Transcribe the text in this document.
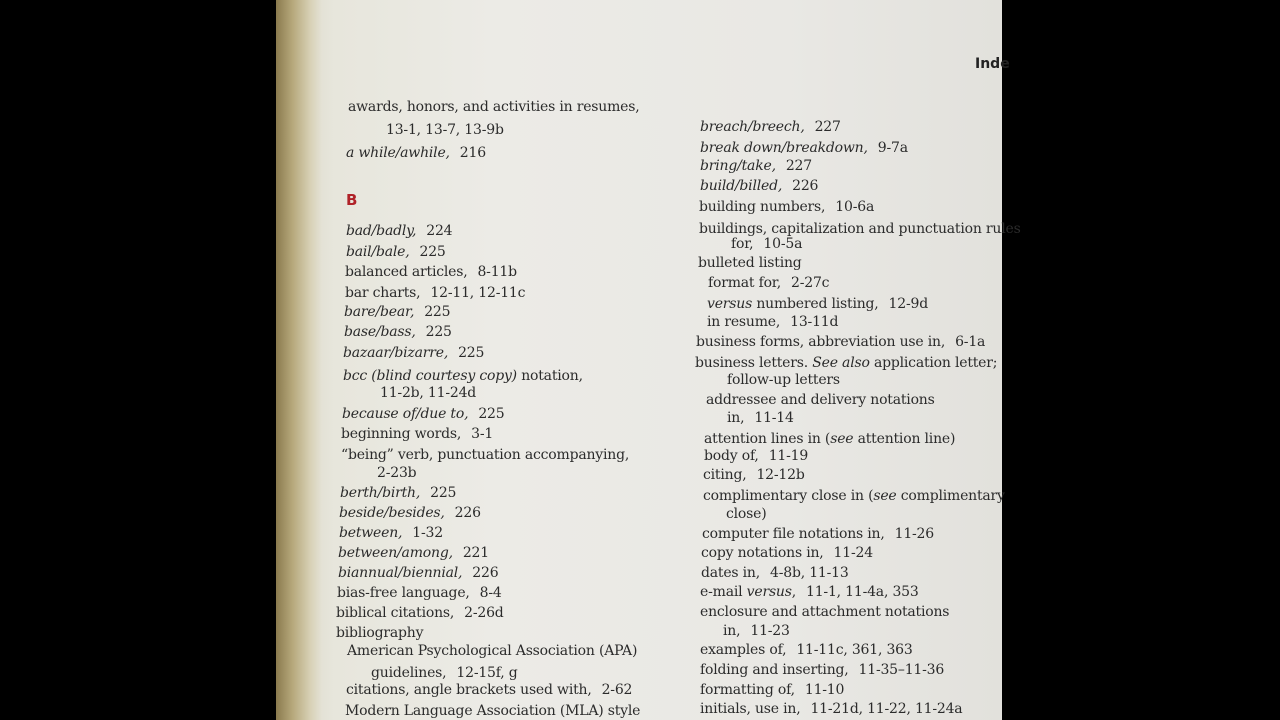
Inde
awards, honors, and activities in resumes,
13-1, 13-7, 13-9b
a while/awhile, 216
B
bad/badly, 224
bail/bale, 225
balanced articles, 8-11b
bar charts, 12-11, 12-11c
bare/bear, 225
base/bass, 225
bazaar/bizarre, 225
bcc (blind courtesy copy) notation,
11-2b, 11-24d
because of/due to, 225
beginning words, 3-1
“being” verb, punctuation accompanying,
2-23b
berth/birth, 225
beside/besides, 226
between, 1-32
between/among, 221
biannual/biennial, 226
bias-free language, 8-4
biblical citations, 2-26d
bibliography
American Psychological Association (APA)
guidelines, 12-15f, g
citations, angle brackets used with, 2-62
Modern Language Association (MLA) style
breach/breech, 227
break down/breakdown, 9-7a
bring/take, 227
build/billed, 226
building numbers, 10-6a
buildings, capitalization and punctuation rules
for, 10-5a
bulleted listing
format for, 2-27c
versus numbered listing, 12-9d
in resume, 13-11d
business forms, abbreviation use in, 6-1a
business letters. See also application letter;
follow-up letters
addressee and delivery notations
in, 11-14
attention lines in (see attention line)
body of, 11-19
citing, 12-12b
complimentary close in (see complimentary
close)
computer file notations in, 11-26
copy notations in, 11-24
dates in, 4-8b, 11-13
e-mail versus, 11-1, 11-4a, 353
enclosure and attachment notations
in, 11-23
examples of, 11-11c, 361, 363
folding and inserting, 11-35–11-36
formatting of, 11-10
initials, use in, 11-21d, 11-22, 11-24a
